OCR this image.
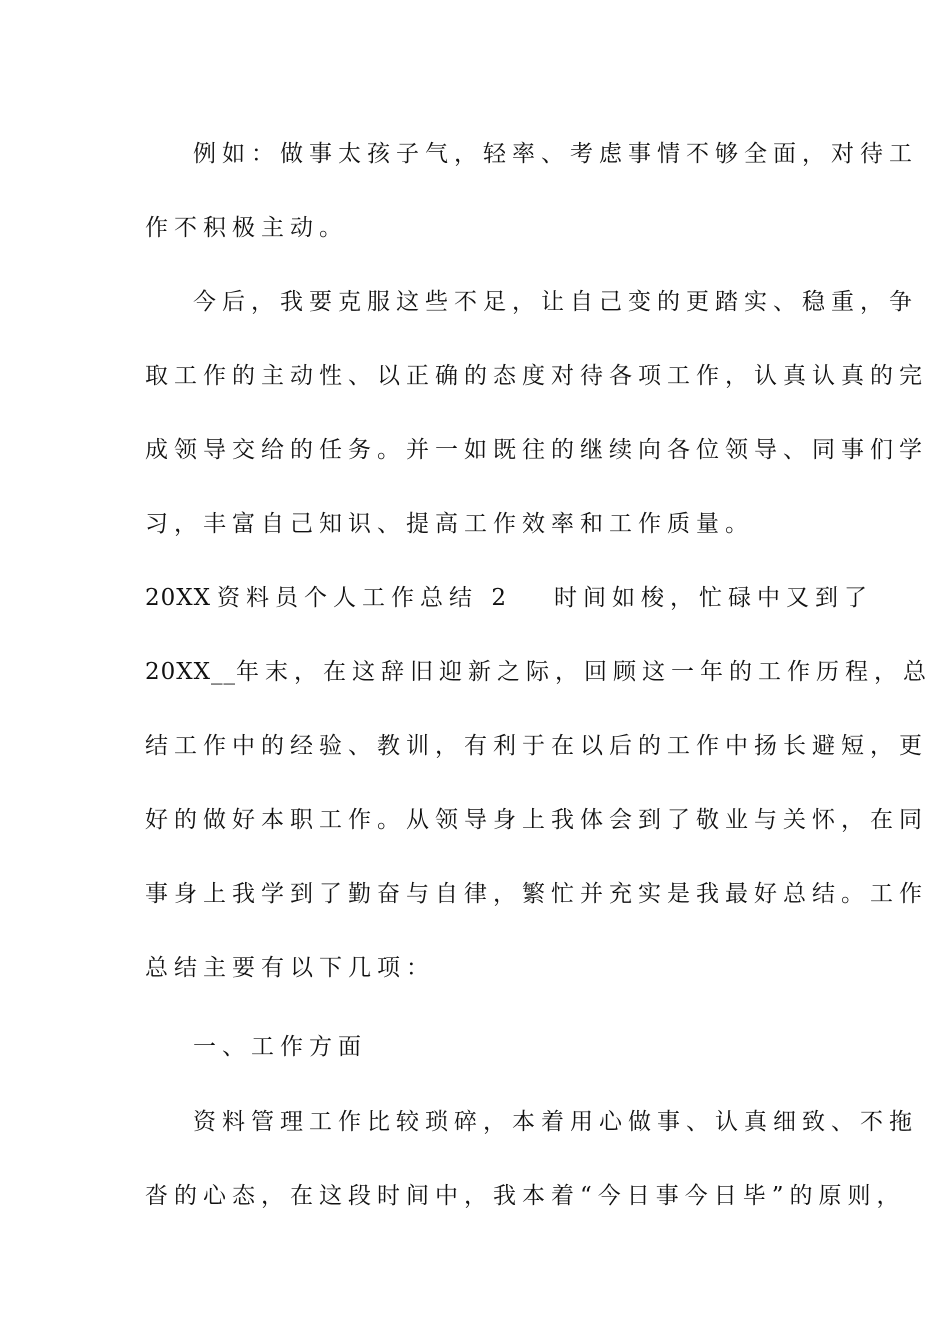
例如：做事太孩子气，轻率、考虑事情不够全面，对待工
作不积极主动。
今后，我要克服这些不足，让自己变的更踏实、稳重，争
取工作的主动性、以正确的态度对待各项工作，认真认真的完
成领导交给的任务。并一如既往的继续向各位领导、同事们学
习，丰富自己知识、提高工作效率和工作质量。
20XX 资料员个人工作总结 2 时间如梭，忙碌中又到了
20XX__年末，在这辞旧迎新之际，回顾这一年的工作历程，总
结工作中的经验、教训，有利于在以后的工作中扬长避短，更
好的做好本职工作。从领导身上我体会到了敬业与关怀，在同
事身上我学到了勤奋与自律，繁忙并充实是我最好总结。工作
总结主要有以下几项：
一、工作方面
资料管理工作比较琐碎，本着用心做事、认真细致、不拖
沓的心态，在这段时间中，我本着“今日事今日毕”的原则，
